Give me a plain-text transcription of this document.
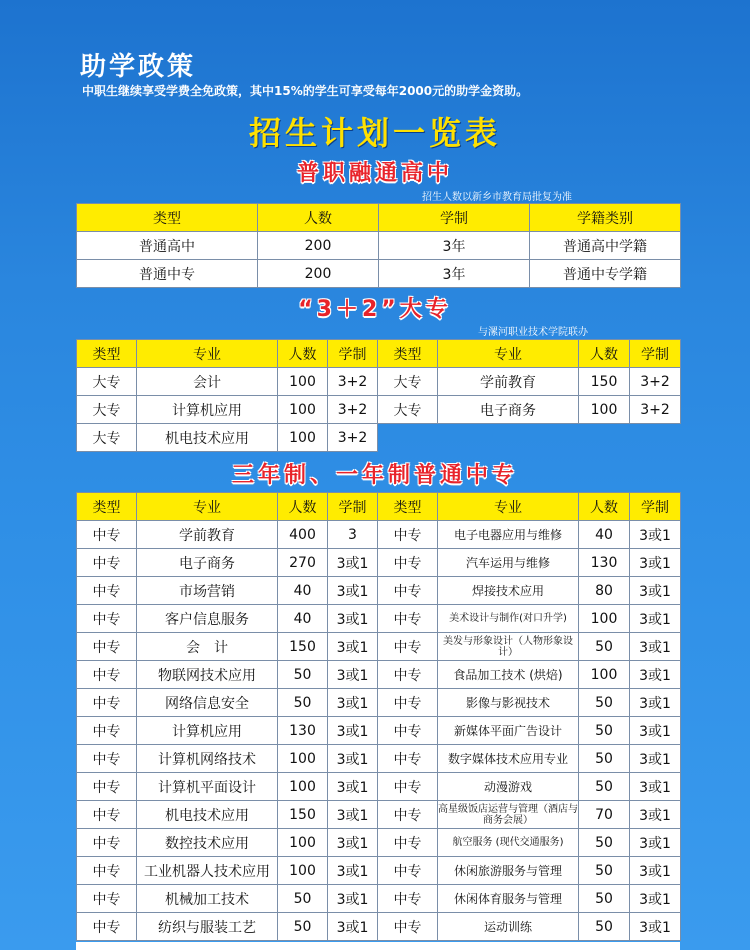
助学政策
中职生继续享受学费全免政策，其中15%的学生可享受每年2000元的助学金资助。
招生计划一览表
普职融通高中
招生人数以新乡市教育局批复为准
类型	人数	学制	学籍类别
普通高中	200	3年	普通高中学籍
普通中专	200	3年	普通中专学籍
“3＋2”大专
与漯河职业技术学院联办
类型	专业	人数	学制	类型	专业	人数	学制
大专	会计	100	3+2	大专	学前教育	150	3+2
大专	计算机应用	100	3+2	大专	电子商务	100	3+2
大专	机电技术应用	100	3+2				
三年制、一年制普通中专
类型	专业	人数	学制	类型	专业	人数	学制
中专	学前教育	400	3	中专	电子电器应用与维修	40	3或1
中专	电子商务	270	3或1	中专	汽车运用与维修	130	3或1
中专	市场营销	40	3或1	中专	焊接技术应用	80	3或1
中专	客户信息服务	40	3或1	中专	美术设计与制作(对口升学)	100	3或1
中专	会　计	150	3或1	中专	美发与形象设计（人物形象设计）	50	3或1
中专	物联网技术应用	50	3或1	中专	食品加工技术 (烘焙)	100	3或1
中专	网络信息安全	50	3或1	中专	影像与影视技术	50	3或1
中专	计算机应用	130	3或1	中专	新媒体平面广告设计	50	3或1
中专	计算机网络技术	100	3或1	中专	数字媒体技术应用专业	50	3或1
中专	计算机平面设计	100	3或1	中专	动漫游戏	50	3或1
中专	机电技术应用	150	3或1	中专	高星级饭店运营与管理（酒店与商务会展）	70	3或1
中专	数控技术应用	100	3或1	中专	航空服务 (现代交通服务)	50	3或1
中专	工业机器人技术应用	100	3或1	中专	休闲旅游服务与管理	50	3或1
中专	机械加工技术	50	3或1	中专	休闲体育服务与管理	50	3或1
中专	纺织与服装工艺	50	3或1	中专	运动训练	50	3或1
